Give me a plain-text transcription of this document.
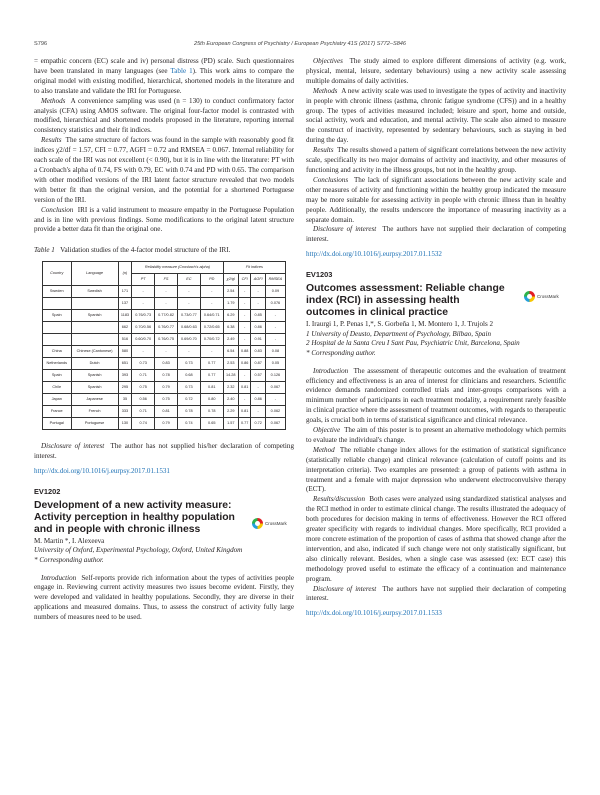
S796	25th European Congress of Psychiatry / European Psychiatry 41S (2017) S772–S846

= empathic concern (EC) scale and iv) personal distress (PD) scale. Such questionnaires have been translated in many languages (see Table 1). This work aims to compare the original model with existing modified, hierarchical, shortened models in the literature and to also translate and validate the IRI for Portuguese.

Methods A convenience sampling was used (n = 130) to conduct confirmatory factor analysis (CFA) using AMOS software. The original four-factor model is contrasted with modified, hierarchical and shortened models proposed in the literature, reporting internal consistency statistics and their fit indices.

Results The same structure of factors was found in the sample with reasonably good fit indices χ2/df = 1.57, CFI = 0.77, AGFI = 0.72 and RMSEA = 0.067. Internal reliability for each scale of the IRI was not excellent (< 0.90), but it is in line with the literature: PT with a Cronbach's alpha of 0.74, FS with 0.79, EC with 0.74 and PD with 0.65. The comparison with other modified versions of the IRI latent factor structure revealed that two models with better fit than the original version, and the potential for a shortened Portuguese version of the IRI.

Conclusion IRI is a valid instrument to measure empathy in the Portuguese Population and is in line with previous findings. Some modifications to the original latent structure provide a better data fit than the original one.

Table 1 Validation studies of the 4-factor model structure of the IRI.
Country	Language	(n)	Reliability measure (Cronbach's alpha)				Fit indices			
			PT	FS	EC	PD	χ2/gl	CFI	AGFI	RMSEA
Sweden	Swedish	171	-	-	-	-	2.54	-	-	0.09
		137	-	-	-	-	1.79	-	-	0.076
Spain	Spanish	1183	0.76/0.73	0.77/0.82	0.73/0.77	0.64/0.71	6.29	-	0.85	-
		662	0.70/0.56	0.76/0.77	0.68/0.63	0.72/0.65	6.38	-	0.86	-
		516	0.60/0.70	0.76/0.75	0.69/0.70	0.70/0.72	2.49	-	0.91	-
China	Chinese (Cantonese)	580	-	-	-	-	6.54	0.88	0.83	0.08
Netherlands	Dutch	651	0.73	0.83	0.73	0.77	2.53	0.86	0.87	0.05
Spain	Spanish	393	0.71	0.78	0.68	0.77	14.28	-	0.57	0.126
Chile	Spanish	295	0.75	0.79	0.73	0.81	2.32	0.81	-	0.067
Japan	Japanese	35	0.56	0.75	0.72	0.80	2.40	-	0.86	-
France	French	333	0.71	0.81	0.78	0.78	2.29	0.81	-	0.062
Portugal	Portuguese	130	0.74	0.79	0.74	0.65	1.57	0.77	0.72	0.067

Disclosure of interest The author has not supplied his/her declaration of competing interest.

http://dx.doi.org/10.1016/j.eurpsy.2017.01.1531
EV1202
Development of a new activity measure: Activity perception in healthy population and in people with chronic illness
CrossMark
M. Martin *, I. Alexeeva
University of Oxford, Experimental Psychology, Oxford, United Kingdom
* Corresponding author.

Introduction Self-reports provide rich information about the types of activities people engage in. Reviewing current activity measures two issues become evident. Firstly, they were developed and validated in healthy populations. Secondly, they are diverse in their applications and measured domains. Thus, to assess the construct of activity fully large numbers of measures need to be used.

Objectives The study aimed to explore different dimensions of activity (e.g. work, physical, mental, leisure, sedentary behaviours) using a new activity scale assessing multiple domains of daily activities.

Methods A new activity scale was used to investigate the types of activity and inactivity in people with chronic illness (asthma, chronic fatigue syndrome (CFS)) and in a healthy group. The types of activities measured included; leisure and sport, home and outside, social activity, work and education, and mental activity. The scale also aimed to measure the construct of inactivity, represented by sedentary behaviours, such as staying in bed during the day.

Results The results showed a pattern of significant correlations between the new activity scale, specifically its two major domains of activity and inactivity, and other measures of functioning and activity in the illness groups, but not in the healthy group.

Conclusions The lack of significant associations between the new activity scale and other measures of activity and functioning within the healthy group indicated the measure may be more suitable for assessing activity in people with chronic illness than in healthy people. Additionally, the results underscore the importance of measuring inactivity as a separate domain.

Disclosure of interest The authors have not supplied their declaration of competing interest.

http://dx.doi.org/10.1016/j.eurpsy.2017.01.1532
EV1203
Outcomes assessment: Reliable change index (RCI) in assessing health outcomes in clinical practice
CrossMark
I. Iraurgi 1, P. Penas 1,*, S. Gorbeña 1, M. Montero 1, J. Trujols 2
1 University of Deusto, Department of Psychology, Bilbao, Spain
2 Hospital de la Santa Creu I Sant Pau, Psychiatric Unit, Barcelona, Spain
* Corresponding author.

Introduction The assessment of therapeutic outcomes and the evaluation of treatment efficiency and effectiveness is an area of interest for clinicians and researchers. Scientific evidence demands randomized controlled trials and inter-groups comparisons with a minimum number of participants in each treatment modality, a requirement rarely feasible in clinical practice where the assessment of treatment outcomes, with regards to therapeutic goals, is crucial both in terms of statistical significance and clinical relevance.

Objective The aim of this poster is to present an alternative methodology which permits to evaluate the individual's change.

Method The reliable change index allows for the estimation of statistical significance (statistically reliable change) and clinical relevance (calculation of cutoff points and its interpretation criteria). Two examples are presented: a group of patients with asthma in treatment and a female with major depression who underwent electroconvulsive therapy (ECT).

Results/discussion Both cases were analyzed using standardized statistical analyses and the RCI method in order to estimate clinical change. The results illustrated the adequacy of both procedures for decision making in terms of effectiveness. However the RCI offered greater specificity with regards to individual changes. More specifically, RCI provided a more concrete estimation of the proportion of cases of asthma that showed change after the intervention, and also, indicated if such change were not only statistically significant, but also clinically relevant. Besides, when a single case was assessed (ex: ECT case) this methodology proved useful to estimate the efficacy of a continuation and maintenance program.

Disclosure of interest The authors have not supplied their declaration of competing interest.

http://dx.doi.org/10.1016/j.eurpsy.2017.01.1533
